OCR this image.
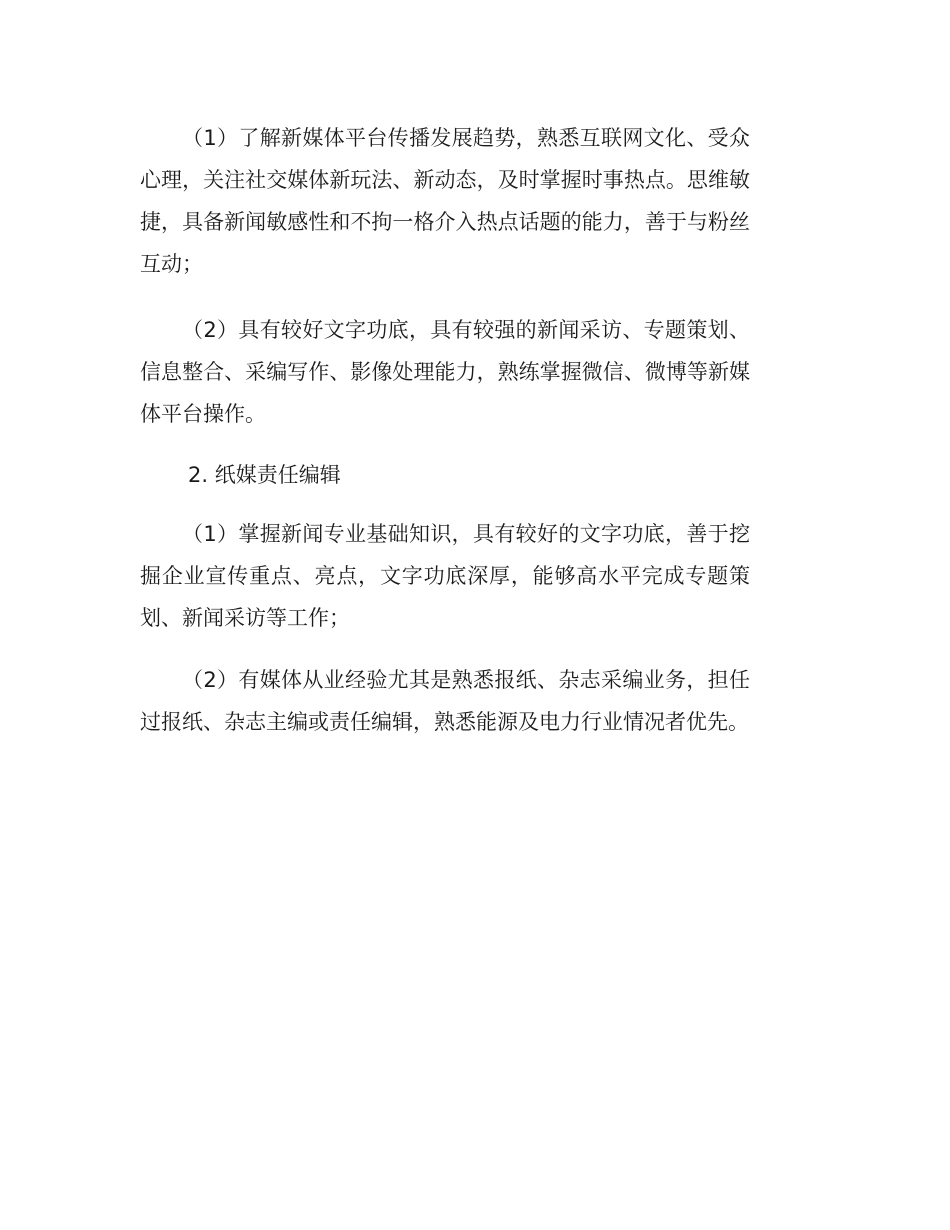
（1）了解新媒体平台传播发展趋势，熟悉互联网文化、受众心理，关注社交媒体新玩法、新动态，及时掌握时事热点。思维敏捷，具备新闻敏感性和不拘一格介入热点话题的能力，善于与粉丝互动；

（2）具有较好文字功底，具有较强的新闻采访、专题策划、信息整合、采编写作、影像处理能力，熟练掌握微信、微博等新媒体平台操作。

2. 纸媒责任编辑

（1）掌握新闻专业基础知识，具有较好的文字功底，善于挖掘企业宣传重点、亮点，文字功底深厚，能够高水平完成专题策划、新闻采访等工作；

（2）有媒体从业经验尤其是熟悉报纸、杂志采编业务，担任过报纸、杂志主编或责任编辑，熟悉能源及电力行业情况者优先。
